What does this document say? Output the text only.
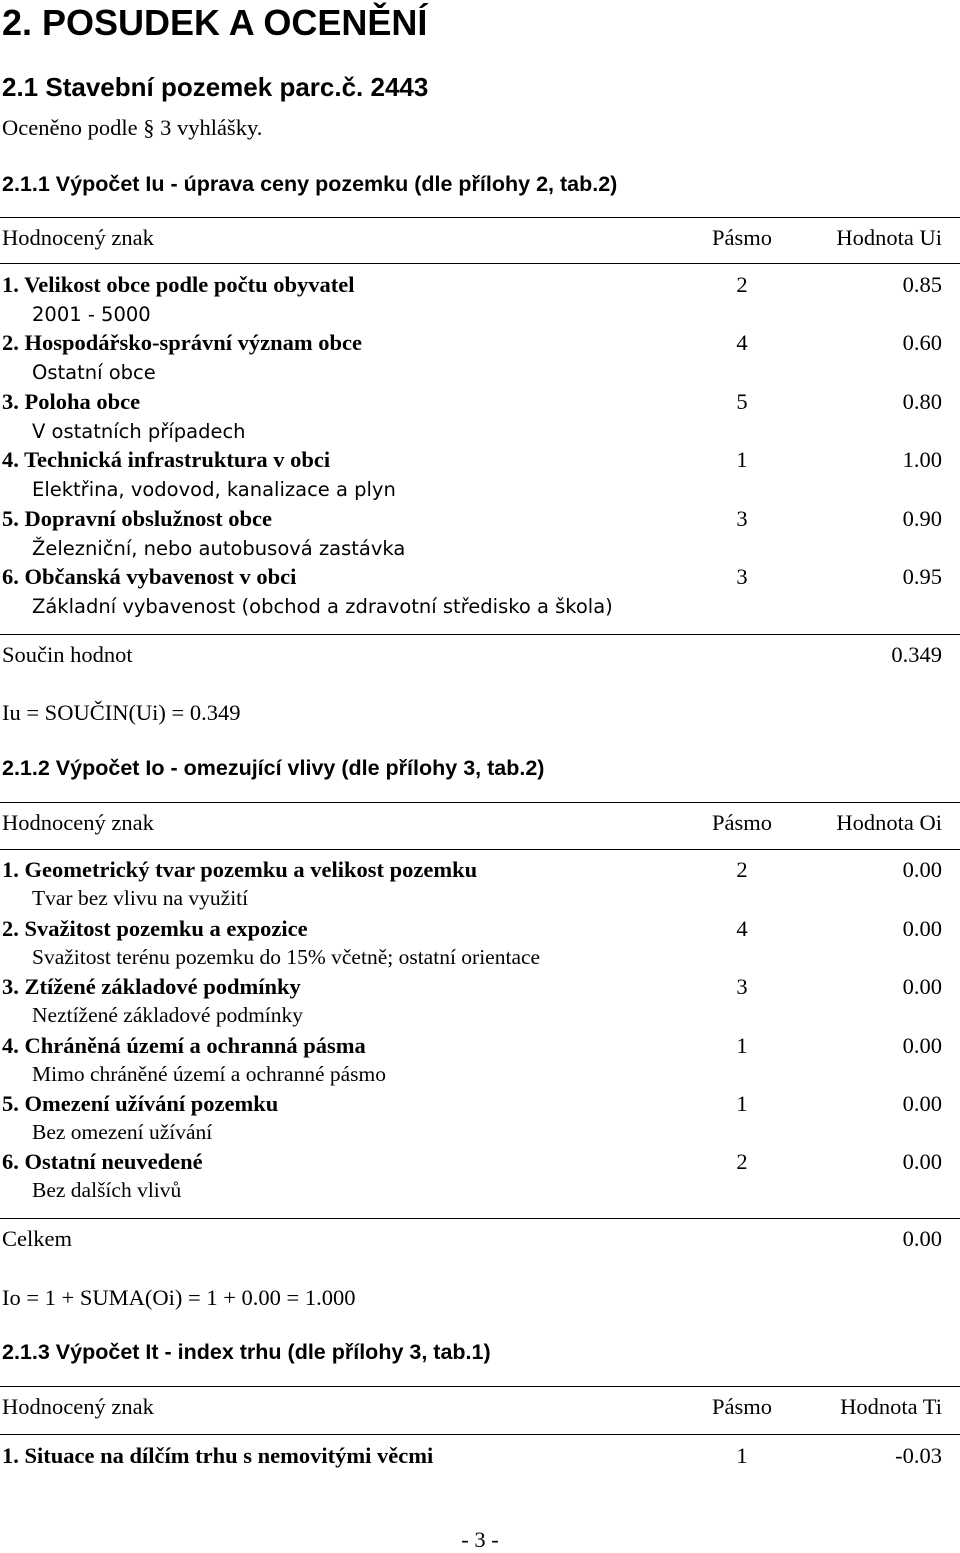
2. POSUDEK A OCENĚNÍ
2.1 Stavební pozemek parc.č. 2443
Oceněno podle § 3 vyhlášky.
2.1.1 Výpočet Iu - úprava ceny pozemku (dle přílohy 2, tab.2)
Hodnocený znak	Pásmo	Hodnota Ui
1. Velikost obce podle počtu obyvatel	2	0.85
2001 - 5000
2. Hospodářsko-správní význam obce	4	0.60
Ostatní obce
3. Poloha obce	5	0.80
V ostatních případech
4. Technická infrastruktura v obci	1	1.00
Elektřina, vodovod, kanalizace a plyn
5. Dopravní obslužnost obce	3	0.90
Železniční, nebo autobusová zastávka
6. Občanská vybavenost v obci	3	0.95
Základní vybavenost (obchod a zdravotní středisko a škola)
Součin hodnot	0.349
Iu = SOUČIN(Ui) = 0.349
2.1.2 Výpočet Io - omezující vlivy (dle přílohy 3, tab.2)
Hodnocený znak	Pásmo	Hodnota Oi
1. Geometrický tvar pozemku a velikost pozemku	2	0.00
Tvar bez vlivu na využití
2. Svažitost pozemku a expozice	4	0.00
Svažitost terénu pozemku do 15% včetně; ostatní orientace
3. Ztížené základové podmínky	3	0.00
Neztížené základové podmínky
4. Chráněná území a ochranná pásma	1	0.00
Mimo chráněné území a ochranné pásmo
5. Omezení užívání pozemku	1	0.00
Bez omezení užívání
6. Ostatní neuvedené	2	0.00
Bez dalších vlivů
Celkem	0.00
Io = 1 + SUMA(Oi) = 1 + 0.00 = 1.000
2.1.3 Výpočet It - index trhu (dle přílohy 3, tab.1)
Hodnocený znak	Pásmo	Hodnota Ti
1. Situace na dílčím trhu s nemovitými věcmi	1	-0.03
- 3 -
